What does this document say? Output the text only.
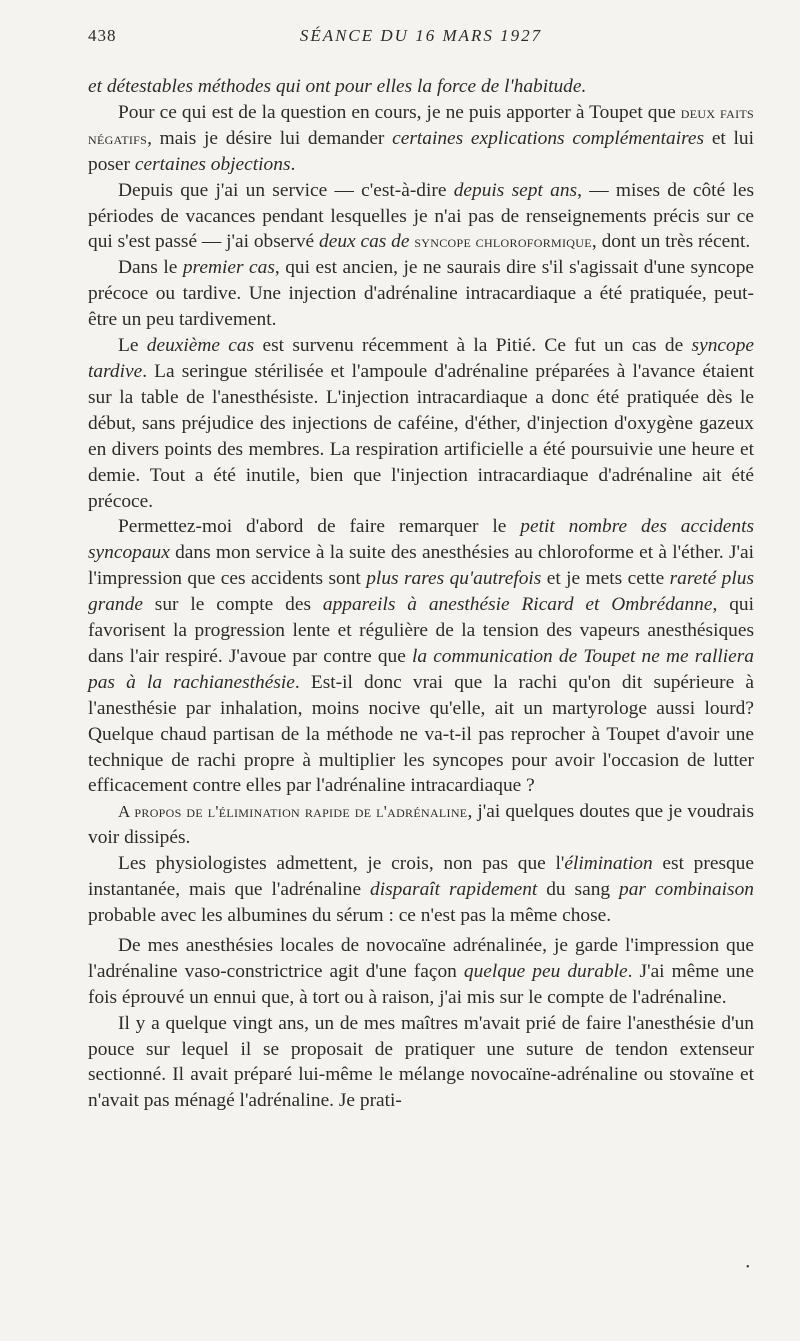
438	SÉANCE DU 16 MARS 1927

et détestables méthodes qui ont pour elles la force de l'habitude.

Pour ce qui est de la question en cours, je ne puis apporter à Toupet que deux faits négatifs, mais je désire lui demander certaines explications complémentaires et lui poser certaines objections.

Depuis que j'ai un service — c'est-à-dire depuis sept ans, — mises de côté les périodes de vacances pendant lesquelles je n'ai pas de renseignements précis sur ce qui s'est passé — j'ai observé deux cas de syncope chloroformique, dont un très récent.

Dans le premier cas, qui est ancien, je ne saurais dire s'il s'agissait d'une syncope précoce ou tardive. Une injection d'adrénaline intracardiaque a été pratiquée, peut-être un peu tardivement.

Le deuxième cas est survenu récemment à la Pitié. Ce fut un cas de syncope tardive. La seringue stérilisée et l'ampoule d'adrénaline préparées à l'avance étaient sur la table de l'anesthésiste. L'injection intracardiaque a donc été pratiquée dès le début, sans préjudice des injections de caféine, d'éther, d'injection d'oxygène gazeux en divers points des membres. La respiration artificielle a été poursuivie une heure et demie. Tout a été inutile, bien que l'injection intracardiaque d'adrénaline ait été précoce.

Permettez-moi d'abord de faire remarquer le petit nombre des accidents syncopaux dans mon service à la suite des anesthésies au chloroforme et à l'éther. J'ai l'impression que ces accidents sont plus rares qu'autrefois et je mets cette rareté plus grande sur le compte des appareils à anesthésie Ricard et Ombrédanne, qui favorisent la progression lente et régulière de la tension des vapeurs anesthésiques dans l'air respiré. J'avoue par contre que la communication de Toupet ne me ralliera pas à la rachianesthésie. Est-il donc vrai que la rachi qu'on dit supérieure à l'anesthésie par inhalation, moins nocive qu'elle, ait un martyrologe aussi lourd? Quelque chaud partisan de la méthode ne va-t-il pas reprocher à Toupet d'avoir une technique de rachi propre à multiplier les syncopes pour avoir l'occasion de lutter efficacement contre elles par l'adrénaline intracardiaque ?

A propos de l'élimination rapide de l'adrénaline, j'ai quelques doutes que je voudrais voir dissipés.

Les physiologistes admettent, je crois, non pas que l'élimination est presque instantanée, mais que l'adrénaline disparaît rapidement du sang par combinaison probable avec les albumines du sérum : ce n'est pas la même chose.

De mes anesthésies locales de novocaïne adrénalinée, je garde l'impression que l'adrénaline vaso-constrictrice agit d'une façon quelque peu durable. J'ai même une fois éprouvé un ennui que, à tort ou à raison, j'ai mis sur le compte de l'adrénaline.

Il y a quelque vingt ans, un de mes maîtres m'avait prié de faire l'anesthésie d'un pouce sur lequel il se proposait de pratiquer une suture de tendon extenseur sectionné. Il avait préparé lui-même le mélange novocaïne-adrénaline ou stovaïne et n'avait pas ménagé l'adrénaline. Je prati-

•
